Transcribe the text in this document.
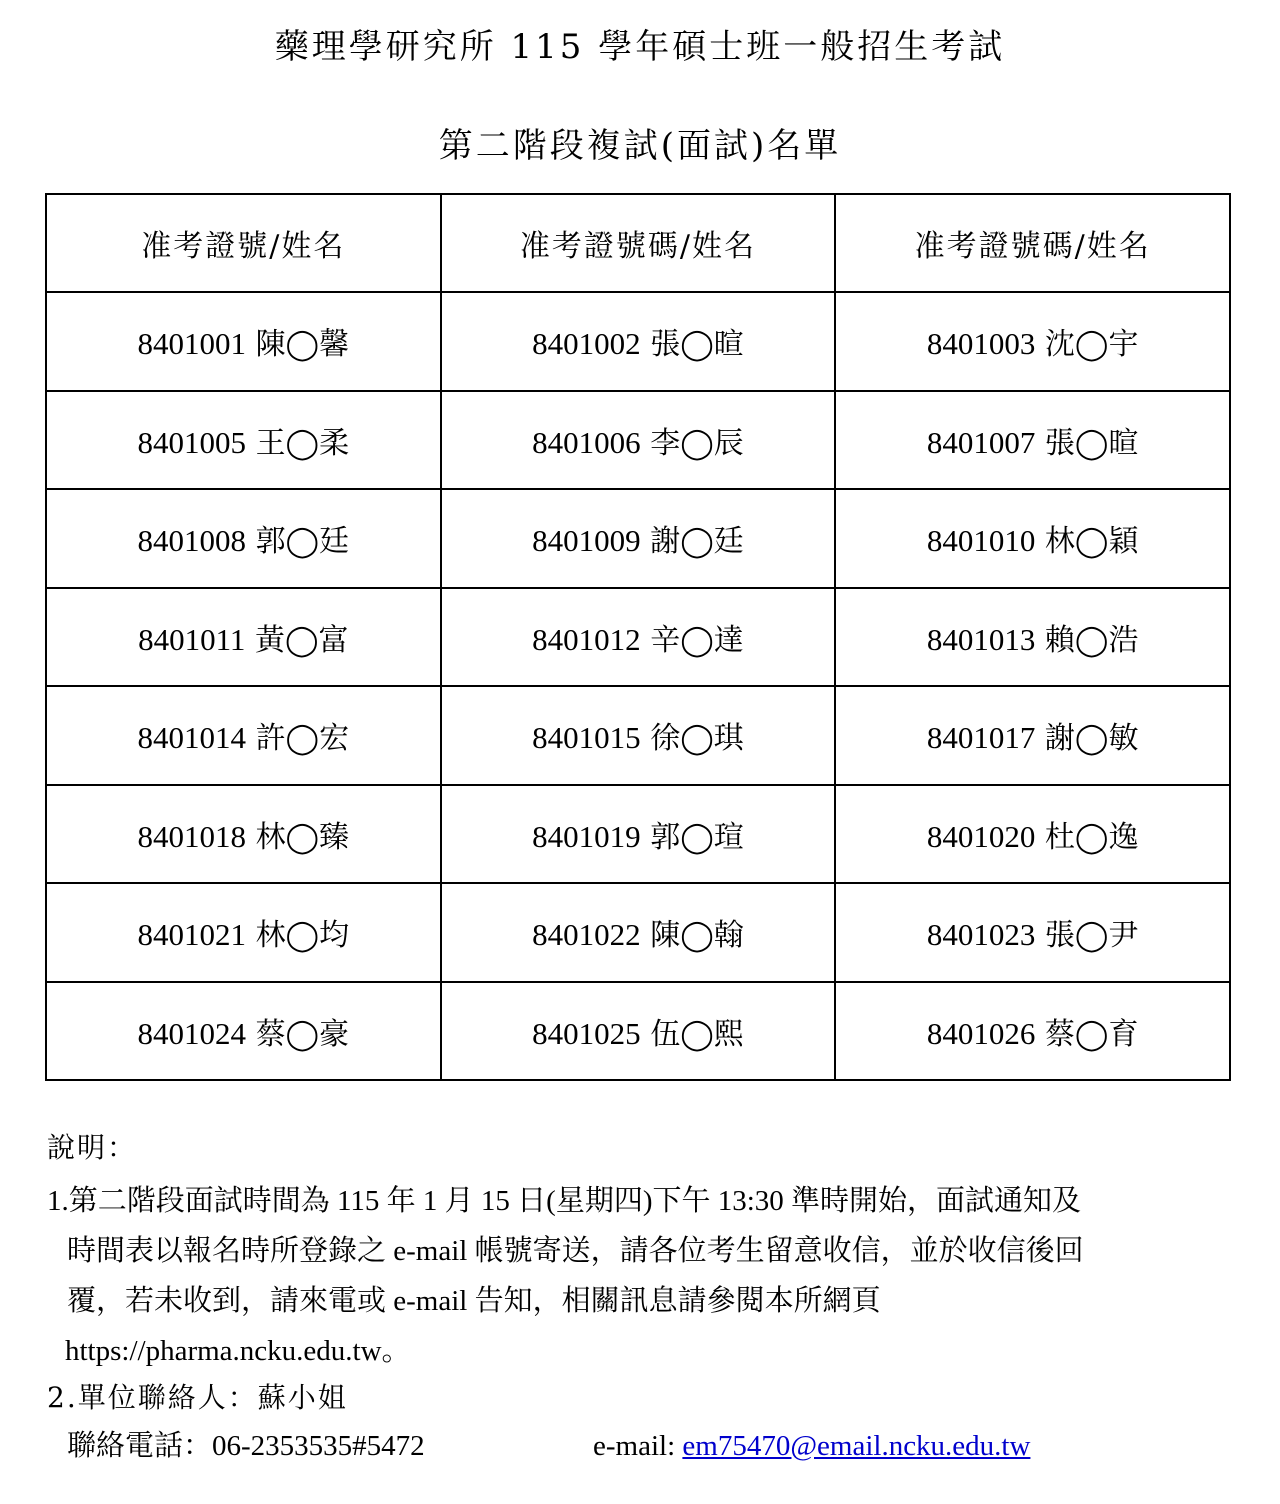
藥理學研究所 115 學年碩士班一般招生考試
第二階段複試(面試)名單
准考證號/姓名	准考證號碼/姓名	准考證號碼/姓名
8401001 陳◯馨	8401002 張◯暄	8401003 沈◯宇
8401005 王◯柔	8401006 李◯辰	8401007 張◯暄
8401008 郭◯廷	8401009 謝◯廷	8401010 林◯穎
8401011 黃◯富	8401012 辛◯達	8401013 賴◯浩
8401014 許◯宏	8401015 徐◯琪	8401017 謝◯敏
8401018 林◯臻	8401019 郭◯瑄	8401020 杜◯逸
8401021 林◯均	8401022 陳◯翰	8401023 張◯尹
8401024 蔡◯豪	8401025 伍◯熙	8401026 蔡◯育
說明：
1.第二階段面試時間為 115 年 1 月 15 日(星期四)下午 13:30 準時開始，面試通知及
時間表以報名時所登錄之 e-mail 帳號寄送，請各位考生留意收信，並於收信後回
覆，若未收到，請來電或 e-mail 告知，相關訊息請參閱本所網頁
https://pharma.ncku.edu.tw。
2.單位聯絡人：蘇小姐
聯絡電話：06-2353535#5472	e-mail: em75470@email.ncku.edu.tw
